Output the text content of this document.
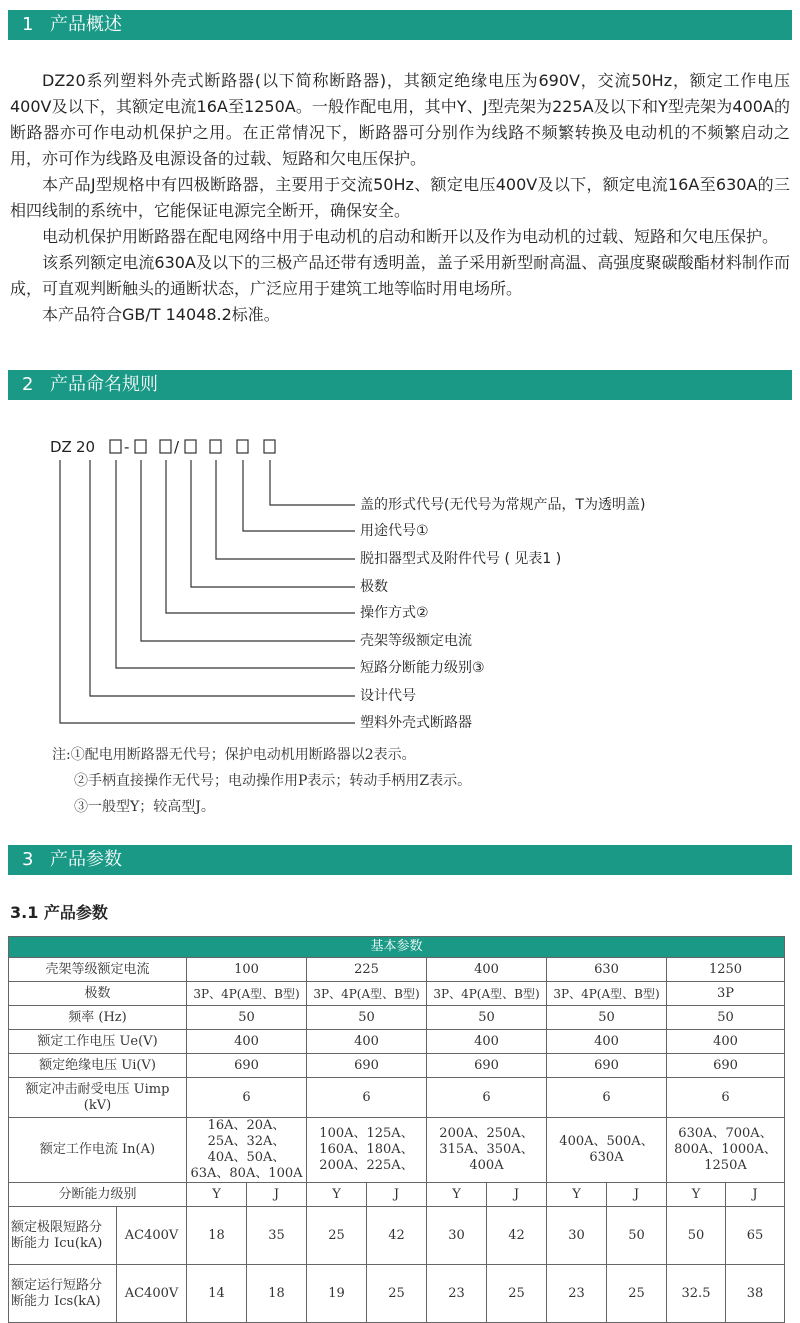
1 产品概述

DZ20系列塑料外壳式断路器(以下简称断路器)，其额定绝缘电压为690V，交流50Hz，额定工作电压400V及以下，其额定电流16A至1250A。一般作配电用，其中Y、J型壳架为225A及以下和Y型壳架为400A的断路器亦可作电动机保护之用。在正常情况下，断路器可分别作为线路不频繁转换及电动机的不频繁启动之用，亦可作为线路及电源设备的过载、短路和欠电压保护。

本产品J型规格中有四极断路器，主要用于交流50Hz、额定电压400V及以下，额定电流16A至630A的三相四线制的系统中，它能保证电源完全断开，确保安全。

电动机保护用断路器在配电网络中用于电动机的启动和断开以及作为电动机的过载、短路和欠电压保护。

该系列额定电流630A及以下的三极产品还带有透明盖，盖子采用新型耐高温、高强度聚碳酸酯材料制作而成，可直观判断触头的通断状态，广泛应用于建筑工地等临时用电场所。

本产品符合GB/T 14048.2标准。

2 产品命名规则
DZ 20 -	/
盖的形式代号(无代号为常规产品，T为透明盖)
用途代号①
脱扣器型式及附件代号 ( 见表1 )
极数
操作方式②
壳架等级额定电流
短路分断能力级别③
设计代号
塑料外壳式断路器
注:①配电用断路器无代号；保护电动机用断路器以2表示。
②手柄直接操作无代号；电动操作用P表示；转动手柄用Z表示。
③一般型Y；较高型J。
3 产品参数
3.1 产品参数
基本参数											
壳架等级额定电流		100		225		400		630		1250	
极数		3P、4P(A型、B型)		3P、4P(A型、B型)		3P、4P(A型、B型)		3P、4P(A型、B型)		3P	
频率 (Hz)		50		50		50		50		50	
额定工作电压 Ue(V)		400		400		400		400		400	
额定绝缘电压 Ui(V)		690		690		690		690		690	
额定冲击耐受电压 Uimp (kV)		6		6		6		6		6	
额定工作电流 In(A)		16A、20A、25A、32A、40A、50A、63A、80A、100A		100A、125A、160A、180A、200A、225A、		200A、250A、315A、350A、400A		400A、500A、630A		630A、700A、800A、1000A、1250A	
分断能力级别		Y	J	Y	J	Y	J	Y	J	Y	J
额定极限短路分断能力 Icu(kA)	AC400V	18	35	25	42	30	42	30	50	50	65
额定运行短路分断能力 Ics(kA)	AC400V	14	18	19	25	23	25	23	25	32.5	38
